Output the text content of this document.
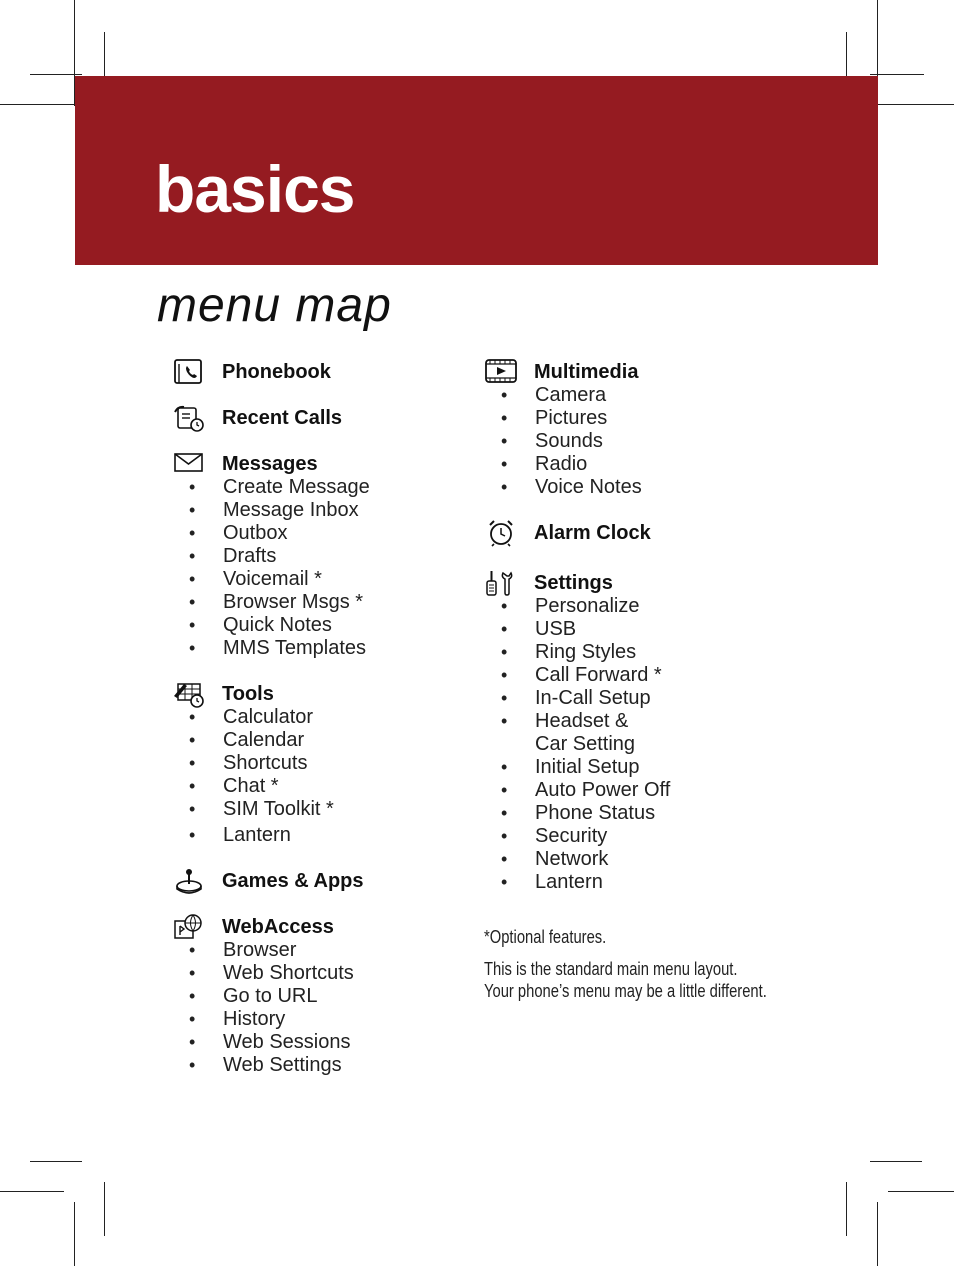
basics
menu map
Phonebook
Recent Calls
Messages
• Create Message
• Message Inbox
• Outbox
• Drafts
• Voicemail *
• Browser Msgs *
• Quick Notes
• MMS Templates
Tools
• Calculator
• Calendar
• Shortcuts
• Chat *
• SIM Toolkit *
• Lantern
Games & Apps
WebAccess
• Browser
• Web Shortcuts
• Go to URL
• History
• Web Sessions
• Web Settings
Multimedia
• Camera
• Pictures
• Sounds
• Radio
• Voice Notes
Alarm Clock
Settings
• Personalize
• USB
• Ring Styles
• Call Forward *
• In-Call Setup
• Headset &
Car Setting
• Initial Setup
• Auto Power Off
• Phone Status
• Security
• Network
• Lantern

*Optional features.

This is the standard main menu layout.
Your phone’s menu may be a little different.
